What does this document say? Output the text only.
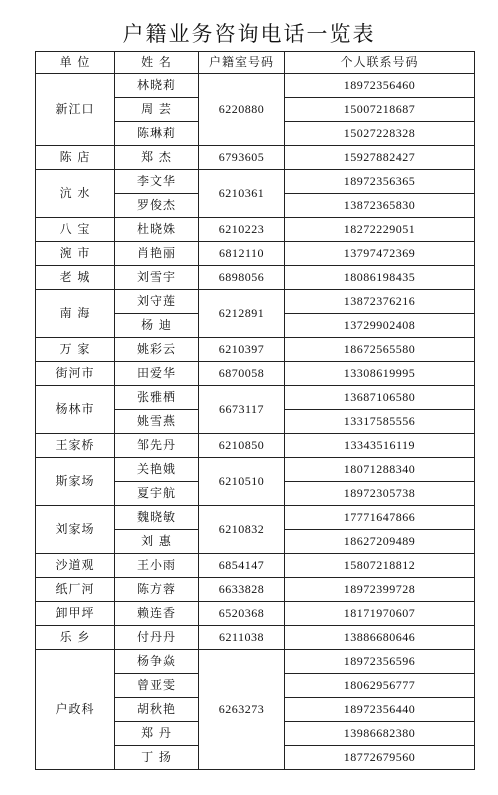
户籍业务咨询电话一览表
单 位	姓 名	户籍室号码	个人联系号码
新江口	林晓莉	6220880	18972356460
	周 芸		15007218687
	陈琳莉		15027228328
陈 店	郑 杰	6793605	15927882427
沆 水	李文华	6210361	18972356365
	罗俊杰		13872365830
八 宝	杜晓姝	6210223	18272229051
涴 市	肖艳丽	6812110	13797472369
老 城	刘雪宇	6898056	18086198435
南 海	刘守莲	6212891	13872376216
	杨 迪		13729902408
万 家	姚彩云	6210397	18672565580
街河市	田爱华	6870058	13308619995
杨林市	张雅栖	6673117	13687106580
	姚雪燕		13317585556
王家桥	邹先丹	6210850	13343516119
斯家场	关艳娥	6210510	18071288340
	夏宇航		18972305738
刘家场	魏晓敏	6210832	17771647866
	刘 惠		18627209489
沙道观	王小雨	6854147	15807218812
纸厂河	陈方蓉	6633828	18972399728
卸甲坪	赖连香	6520368	18171970607
乐 乡	付丹丹	6211038	13886680646
户政科	杨争焱	6263273	18972356596
	曾亚雯		18062956777
	胡秋艳		18972356440
	郑 丹		13986682380
	丁 扬		18772679560
